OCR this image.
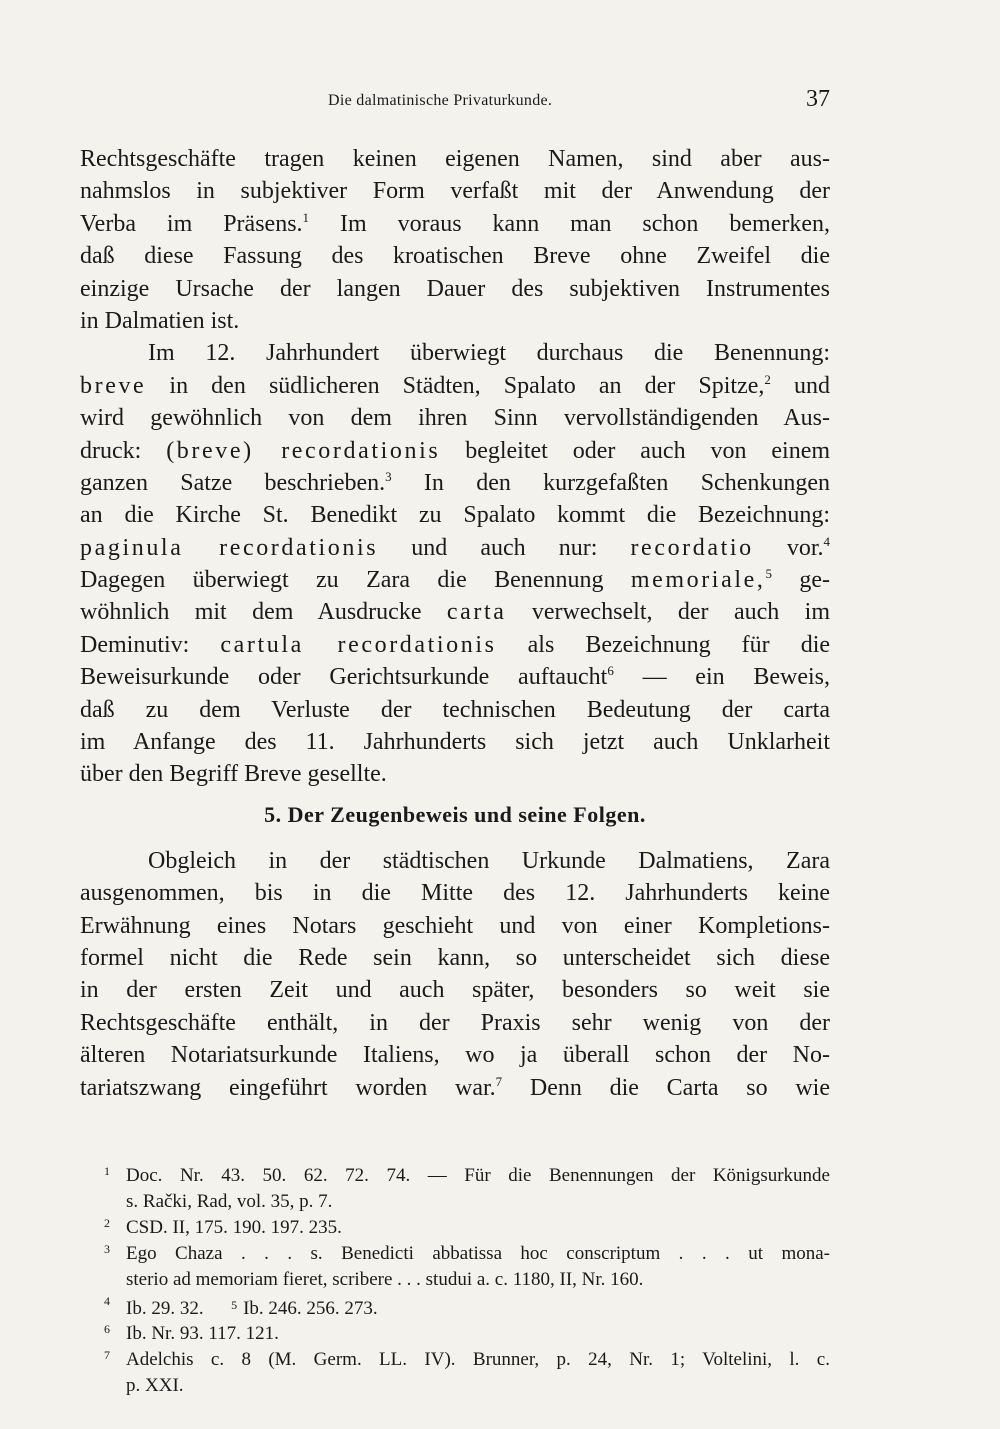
Die dalmatinische Privaturkunde.	37
Rechtsgeschäfte tragen keinen eigenen Namen, sind aber aus-
nahmslos in subjektiver Form verfaßt mit der Anwendung der
Verba im Präsens.$^1$ Im voraus kann man schon bemerken,
daß diese Fassung des kroatischen Breve ohne Zweifel die
einzige Ursache der langen Dauer des subjektiven Instrumentes
in Dalmatien ist.
Im 12. Jahrhundert überwiegt durchaus die Benennung:
breve in den südlicheren Städten, Spalato an der Spitze,$^2$ und
wird gewöhnlich von dem ihren Sinn vervollständigenden Aus-
druck: (breve) recordationis begleitet oder auch von einem
ganzen Satze beschrieben.$^3$ In den kurzgefaßten Schenkungen
an die Kirche St. Benedikt zu Spalato kommt die Bezeichnung:
paginula recordationis und auch nur: recordatio vor.$^4$
Dagegen überwiegt zu Zara die Benennung memoriale,$^5$ ge-
wöhnlich mit dem Ausdrucke carta verwechselt, der auch im
Deminutiv: cartula recordationis als Bezeichnung für die
Beweisurkunde oder Gerichtsurkunde auftaucht$^6$ — ein Beweis,
daß zu dem Verluste der technischen Bedeutung der carta
im Anfange des 11. Jahrhunderts sich jetzt auch Unklarheit
über den Begriff Breve gesellte.
5. Der Zeugenbeweis und seine Folgen.
Obgleich in der städtischen Urkunde Dalmatiens, Zara
ausgenommen, bis in die Mitte des 12. Jahrhunderts keine
Erwähnung eines Notars geschieht und von einer Kompletions-
formel nicht die Rede sein kann, so unterscheidet sich diese
in der ersten Zeit und auch später, besonders so weit sie
Rechtsgeschäfte enthält, in der Praxis sehr wenig von der
älteren Notariatsurkunde Italiens, wo ja überall schon der No-
tariatszwang eingeführt worden war.$^7$ Denn die Carta so wie
1 Doc. Nr. 43. 50. 62. 72. 74. — Für die Benennungen der Königsurkunde
s. Račkі, Rad, vol. 35, p. 7.
2 CSD. II, 175. 190. 197. 235.
3 Ego Chaza . . . s. Benedicti abbatissa hoc conscriptum . . . ut mona-
sterio ad memoriam fieret, scribere . . . studui a. c. 1180, II, Nr. 160.
4 Ib. 29. 32. $^5$ Ib. 246. 256. 273.
6 Ib. Nr. 93. 117. 121.
7 Adelchis c. 8 (M. Germ. LL. IV). Brunner, p. 24, Nr. 1; Voltelini, l. c.
p. XXI.
